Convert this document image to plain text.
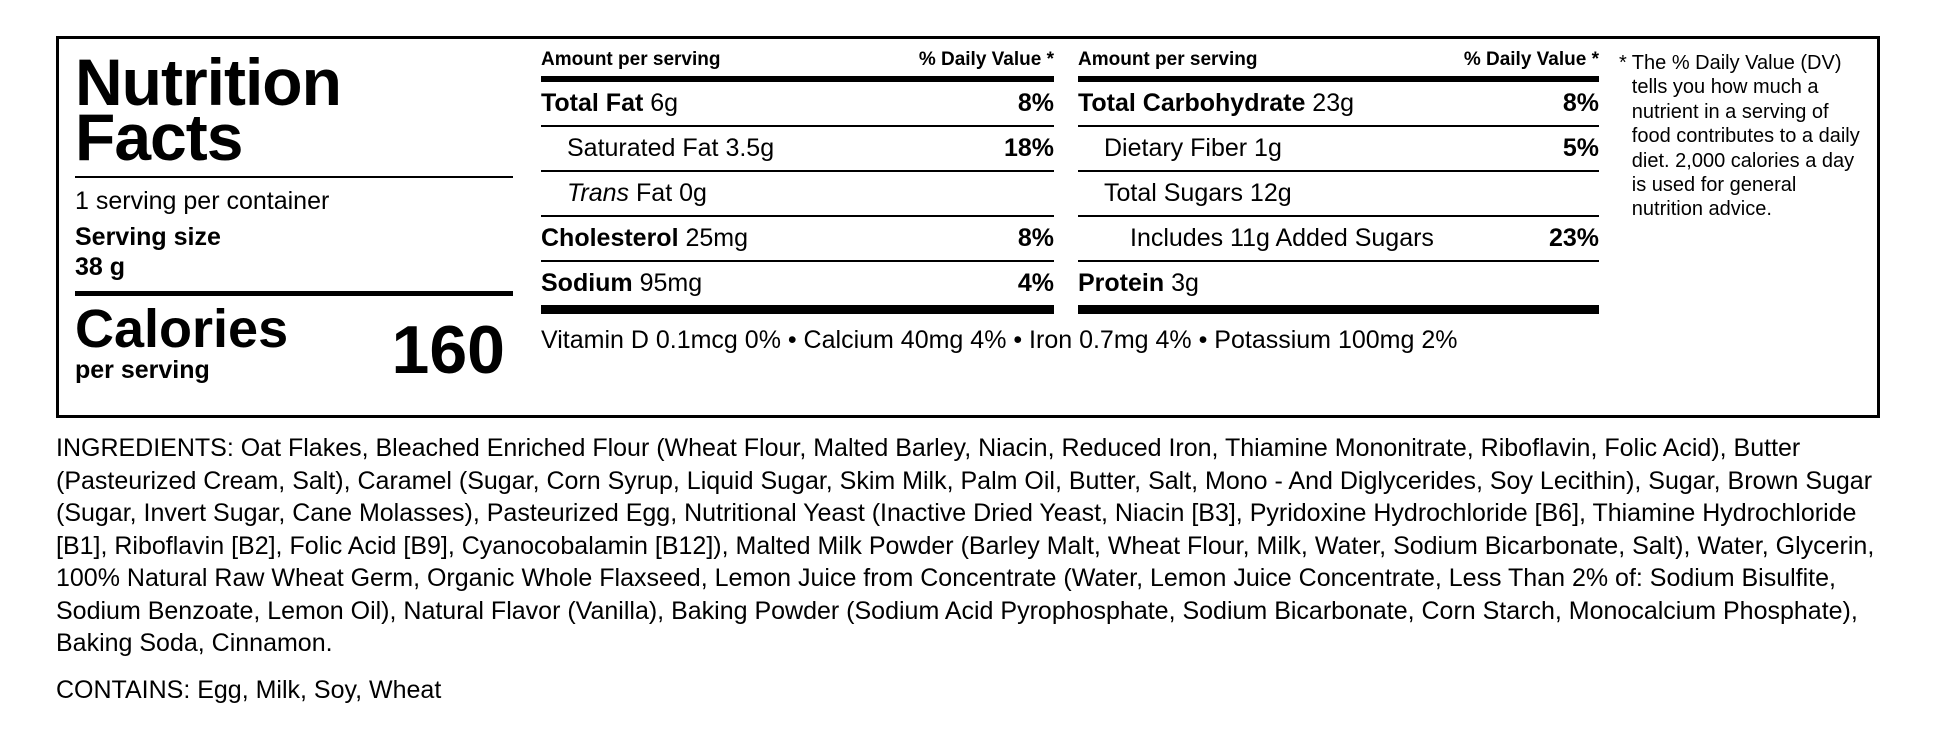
Nutrition
Facts
1 serving per container
Serving size
38 g
Calories
per serving	160
Amount per serving	% Daily Value *
Total Fat 6g	8%
Saturated Fat 3.5g	18%
Trans Fat 0g
Cholesterol 25mg	8%
Sodium 95mg	4%
Vitamin D 0.1mcg 0% • Calcium 40mg 4% • Iron 0.7mg 4% • Potassium 100mg 2%
Amount per serving	% Daily Value *
Total Carbohydrate 23g	8%
Dietary Fiber 1g	5%
Total Sugars 12g
Includes 11g Added Sugars	23%
Protein 3g
* The % Daily Value (DV) tells you how much a nutrient in a serving of food contributes to a daily diet. 2,000 calories a day is used for general nutrition advice.
INGREDIENTS: Oat Flakes, Bleached Enriched Flour (Wheat Flour, Malted Barley, Niacin, Reduced Iron, Thiamine Mononitrate, Riboflavin, Folic Acid), Butter (Pasteurized Cream, Salt), Caramel (Sugar, Corn Syrup, Liquid Sugar, Skim Milk, Palm Oil, Butter, Salt, Mono - And Diglycerides, Soy Lecithin), Sugar, Brown Sugar (Sugar, Invert Sugar, Cane Molasses), Pasteurized Egg, Nutritional Yeast (Inactive Dried Yeast, Niacin [B3], Pyridoxine Hydrochloride [B6], Thiamine Hydrochloride [B1], Riboflavin [B2], Folic Acid [B9], Cyanocobalamin [B12]), Malted Milk Powder (Barley Malt, Wheat Flour, Milk, Water, Sodium Bicarbonate, Salt), Water, Glycerin, 100% Natural Raw Wheat Germ, Organic Whole Flaxseed, Lemon Juice from Concentrate (Water, Lemon Juice Concentrate, Less Than 2% of: Sodium Bisulfite, Sodium Benzoate, Lemon Oil), Natural Flavor (Vanilla), Baking Powder (Sodium Acid Pyrophosphate, Sodium Bicarbonate, Corn Starch, Monocalcium Phosphate), Baking Soda, Cinnamon.
CONTAINS: Egg, Milk, Soy, Wheat
